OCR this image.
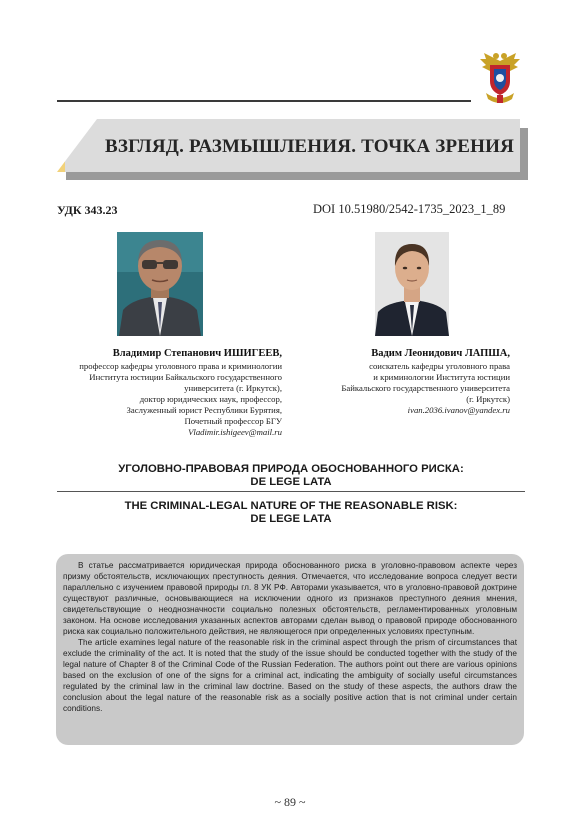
ВЗГЛЯД. РАЗМЫШЛЕНИЯ. ТОЧКА ЗРЕНИЯ
УДК 343.23	DOI 10.51980/2542-1735_2023_1_89
Владимир Степанович ИШИГЕЕВ,
профессор кафедры уголовного права и криминологии
Института юстиции Байкальского государственного
университета (г. Иркутск),
доктор юридических наук, профессор,
Заслуженный юрист Республики Бурятия,
Почетный профессор БГУ
Vladimir.ishigeev@mail.ru
Вадим Леонидович ЛАПША,
соискатель кафедры уголовного права
и криминологии Института юстиции
Байкальского государственного университета
(г. Иркутск)
ivan.2036.ivanov@yandex.ru
УГОЛОВНО-ПРАВОВАЯ ПРИРОДА ОБОСНОВАННОГО РИСКА:
DE LEGE LATA
THE CRIMINAL-LEGAL NATURE OF THE REASONABLE RISK:
DE LEGE LATA

В статье рассматривается юридическая природа обоснованного риска в уголовно-правовом аспекте через призму обстоятельств, исключающих преступность деяния. Отмечается, что исследование вопроса следует вести параллельно с изучением правовой природы гл. 8 УК РФ. Авторами указывается, что в уголовно-правовой доктрине существуют различные, основывающиеся на исключении одного из признаков преступного деяния мнения, свидетельствующие о неоднозначности социально полезных обстоятельств, регламентированных уголовным законом. На основе исследования указанных аспектов авторами сделан вывод о правовой природе обоснованного риска как социально положительного действия, не являющегося при определенных условиях преступным.

The article examines legal nature of the reasonable risk in the criminal aspect through the prism of circumstances that exclude the criminality of the act. It is noted that the study of the issue should be conducted together with the study of the legal nature of Chapter 8 of the Criminal Code of the Russian Federation. The authors point out there are various opinions based on the exclusion of one of the signs for a criminal act, indicating the ambiguity of socially useful circumstances regulated by the criminal law in the criminal law doctrine. Based on the study of these aspects, the authors draw the conclusion about the legal nature of the reasonable risk as a socially positive action that is not criminal under certain conditions.

~ 89 ~
